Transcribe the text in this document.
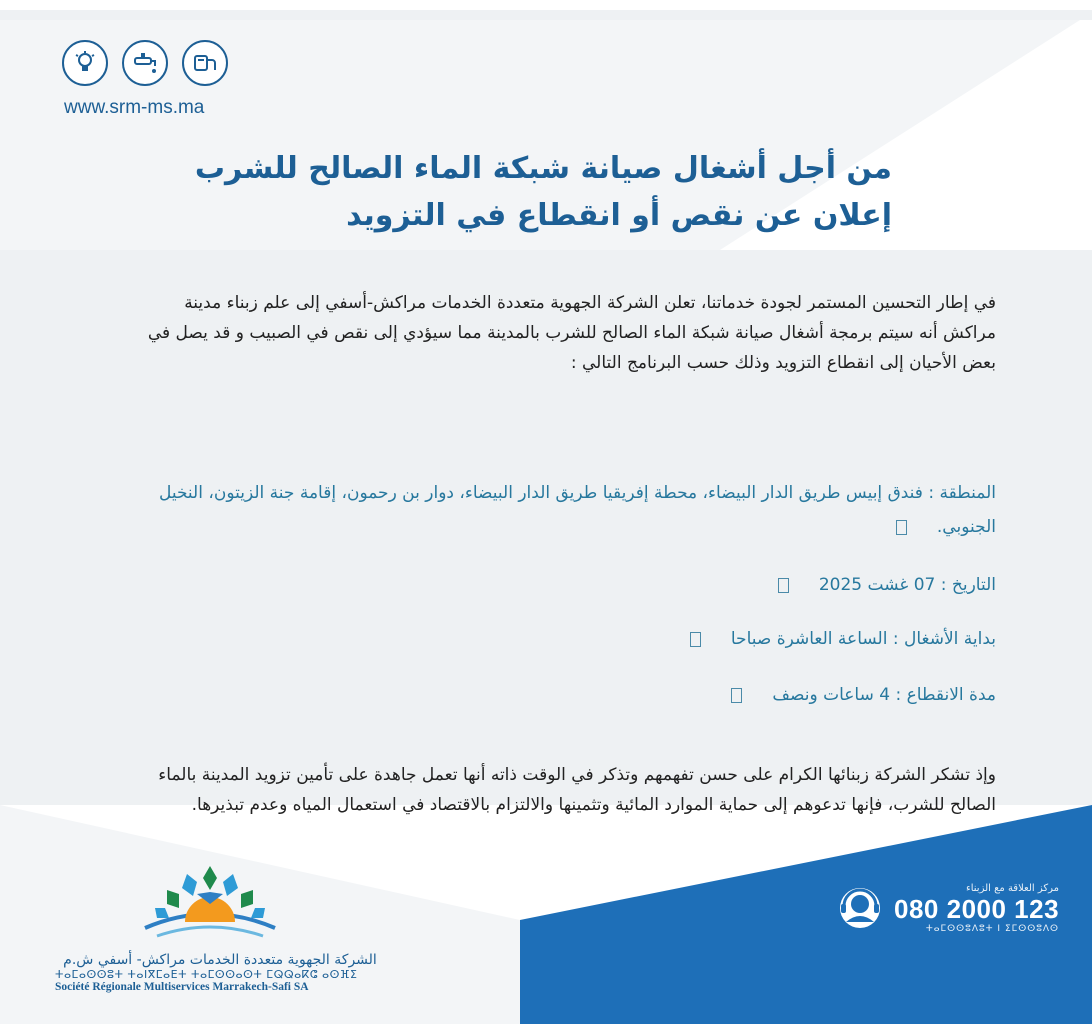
www.srm-ms.ma
من أجل أشغال صيانة شبكة الماء الصالح للشرب
إعلان عن نقص أو انقطاع في التزويد
في إطار التحسين المستمر لجودة خدماتنا، تعلن الشركة الجهوية متعددة الخدمات مراكش-أسفي إلى علم زبناء مدينة مراكش أنه سيتم برمجة أشغال صيانة شبكة الماء الصالح للشرب بالمدينة مما سيؤدي إلى نقص في الصبيب و قد يصل في بعض الأحيان إلى انقطاع التزويد وذلك حسب البرنامج التالي :
المنطقة : فندق إبيس طريق الدار البيضاء، محطة إفريقيا طريق الدار البيضاء، دوار بن رحمون، إقامة جنة الزيتون، النخيل الجنوبي.
التاريخ : 07 غشت 2025
بداية الأشغال : الساعة العاشرة صباحا
مدة الانقطاع : 4 ساعات ونصف
وإذ تشكر الشركة زبنائها الكرام على حسن تفهمهم وتذكر في الوقت ذاته أنها تعمل جاهدة على تأمين تزويد المدينة بالماء الصالح للشرب، فإنها تدعوهم إلى حماية الموارد المائية وتثمينها والالتزام بالاقتصاد في استعمال المياه وعدم تبذيرها.
مركز العلاقة مع الزبناء
080 2000 123
ⵜⴰⵎⵙⵙⵓⴷⵓⵜ ⵏ ⵉⵎⵙⵙⵓⴷⵙ
الشركة الجهوية متعددة الخدمات مراكش- أسفي ش.م
ⵜⴰⵎⴰⵙⵙⵓⵜ ⵜⴰⵏⴳⵎⴰⴹⵜ ⵜⴰⵎⵙⵙⴰⵙⵜ ⵎⵕⵕⴰⴽⵛ ⴰⵙⴼⵉ
Société Régionale Multiservices Marrakech-Safi SA
